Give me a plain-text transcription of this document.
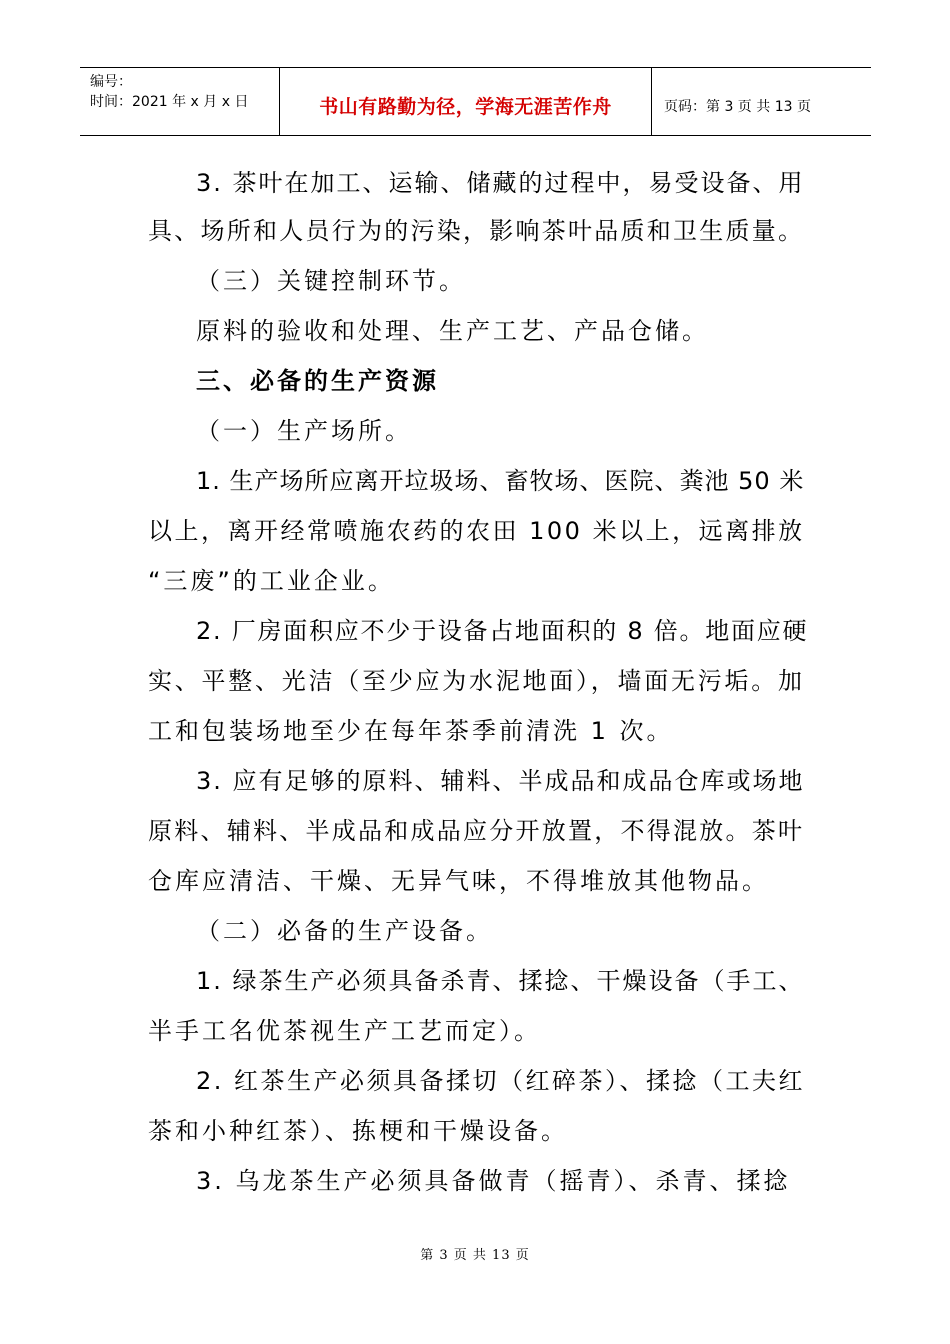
编号：
时间：2021 年 x 月 x 日	书山有路勤为径，学海无涯苦作舟	页码：第 3 页 共 13 页
3. 茶叶在加工、运输、储藏的过程中，易受设备、用
具、场所和人员行为的污染，影响茶叶品质和卫生质量。
（三）关键控制环节。
原料的验收和处理、生产工艺、产品仓储。
三、必备的生产资源
（一）生产场所。
1. 生产场所应离开垃圾场、畜牧场、医院、粪池 50 米
以上，离开经常喷施农药的农田 100 米以上，远离排放
“三废”的工业企业。
2. 厂房面积应不少于设备占地面积的 8 倍。地面应硬
实、平整、光洁（至少应为水泥地面），墙面无污垢。加
工和包装场地至少在每年茶季前清洗 1 次。
3. 应有足够的原料、辅料、半成品和成品仓库或场地
原料、辅料、半成品和成品应分开放置，不得混放。茶叶
仓库应清洁、干燥、无异气味，不得堆放其他物品。
（二）必备的生产设备。
1. 绿茶生产必须具备杀青、揉捻、干燥设备（手工、
半手工名优茶视生产工艺而定）。
2. 红茶生产必须具备揉切（红碎茶）、揉捻（工夫红
茶和小种红茶）、拣梗和干燥设备。
3. 乌龙茶生产必须具备做青（摇青）、杀青、揉捻
第 3 页 共 13 页
